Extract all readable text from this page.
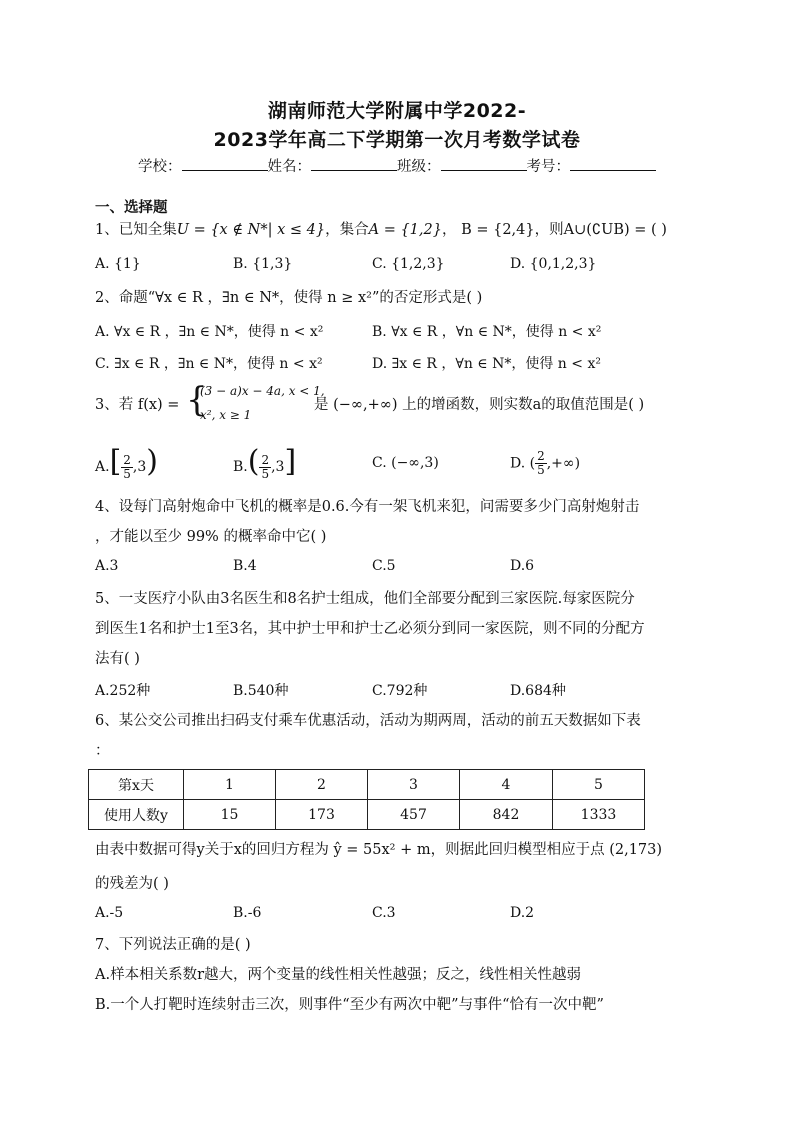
湖南师范大学附属中学2022-
2023学年高二下学期第一次月考数学试卷
学校：	姓名：	班级：	考号：
一、选择题
1、已知全集U = {x ∉ N*| x ≤ 4}，集合A = {1,2}， B = {2,4}，则A∪(∁UB) = ( )
A. {1}	B. {1,3}	C. {1,2,3}	D. {0,1,2,3}
2、命题“∀x ∈ R ，∃n ∈ N*，使得 n ≥ x²”的否定形式是( )
A. ∀x ∈ R ，∃n ∈ N*，使得 n < x²	B. ∀x ∈ R ，∀n ∈ N*，使得 n < x²
C. ∃x ∈ R ，∃n ∈ N*，使得 n < x²	D. ∃x ∈ R ，∀n ∈ N*，使得 n < x²
3、若 f(x) = {
(3 − a)x − 4a, x < 1,
x², x ≥ 1
是 (−∞,+∞) 上的增函数，则实数a的取值范围是( )
$A.[ \frac{2}{5} ,3)$	$B.( \frac{2}{5} ,3]$	C. (−∞,3)	D. ( $\frac{2}{5}$ ,+∞)
4、设每门高射炮命中飞机的概率是0.6.今有一架飞机来犯，问需要多少门高射炮射击
，才能以至少 99% 的概率命中它( )
A.3	B.4	C.5	D.6
5、一支医疗小队由3名医生和8名护士组成，他们全部要分配到三家医院.每家医院分
到医生1名和护士1至3名，其中护士甲和护士乙必须分到同一家医院，则不同的分配方
法有( )
A.252种	B.540种	C.792种	D.684种
6、某公交公司推出扫码支付乘车优惠活动，活动为期两周，活动的前五天数据如下表
：
第x天	1	2	3	4	5
使用人数y	15	173	457	842	1333
由表中数据可得y关于x的回归方程为 ŷ = 55x² + m，则据此回归模型相应于点 (2,173)
的残差为( )
A.-5	B.-6	C.3	D.2
7、下列说法正确的是( )
A.样本相关系数r越大，两个变量的线性相关性越强；反之，线性相关性越弱
B.一个人打靶时连续射击三次，则事件“至少有两次中靶”与事件“恰有一次中靶”
